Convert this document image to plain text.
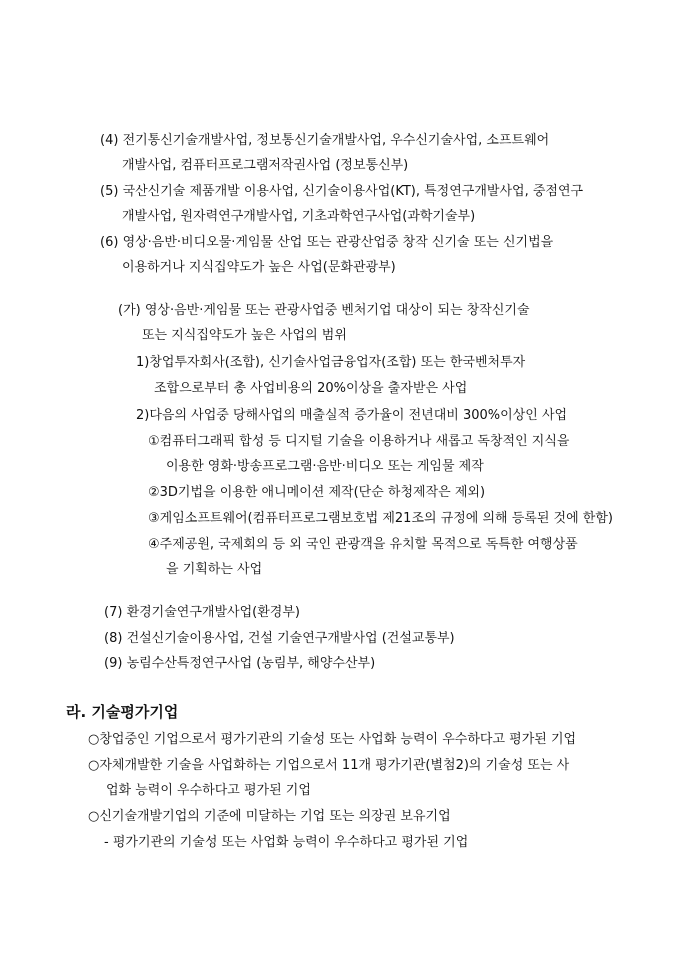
(4) 전기통신기술개발사업, 정보통신기술개발사업, 우수신기술사업, 소프트웨어
개발사업, 컴퓨터프로그램저작권사업 (정보통신부)
(5) 국산신기술 제품개발 이용사업, 신기술이용사업(KT), 특정연구개발사업, 중점연구
개발사업, 원자력연구개발사업, 기초과학연구사업(과학기술부)
(6) 영상·음반·비디오물·게임물 산업 또는 관광산업중 창작 신기술 또는 신기법을
이용하거나 지식집약도가 높은 사업(문화관광부)
(가) 영상·음반·게임물 또는 관광사업중 벤처기업 대상이 되는 창작신기술
또는 지식집약도가 높은 사업의 범위
1)창업투자회사(조합), 신기술사업금융업자(조합) 또는 한국벤처투자
조합으로부터 총 사업비용의 20%이상을 출자받은 사업
2)다음의 사업중 당해사업의 매출실적 증가율이 전년대비 300%이상인 사업
①컴퓨터그래픽 합성 등 디지털 기술을 이용하거나 새롭고 독창적인 지식을
이용한 영화·방송프로그램·음반·비디오 또는 게임물 제작
②3D기법을 이용한 애니메이션 제작(단순 하청제작은 제외)
③게임소프트웨어(컴퓨터프로그램보호법 제21조의 규정에 의해 등록된 것에 한함)
④주제공원, 국제회의 등 외 국인 관광객을 유치할 목적으로 독특한 여행상품
을 기획하는 사업
(7) 환경기술연구개발사업(환경부)
(8) 건설신기술이용사업, 건설 기술연구개발사업 (건설교통부)
(9) 농림수산특정연구사업 (농림부, 해양수산부)
라. 기술평가기업
○창업중인 기업으로서 평가기관의 기술성 또는 사업화 능력이 우수하다고 평가된 기업
○자체개발한 기술을 사업화하는 기업으로서 11개 평가기관(별첨2)의 기술성 또는 사
업화 능력이 우수하다고 평가된 기업
○신기술개발기업의 기준에 미달하는 기업 또는 의장권 보유기업
- 평가기관의 기술성 또는 사업화 능력이 우수하다고 평가된 기업
